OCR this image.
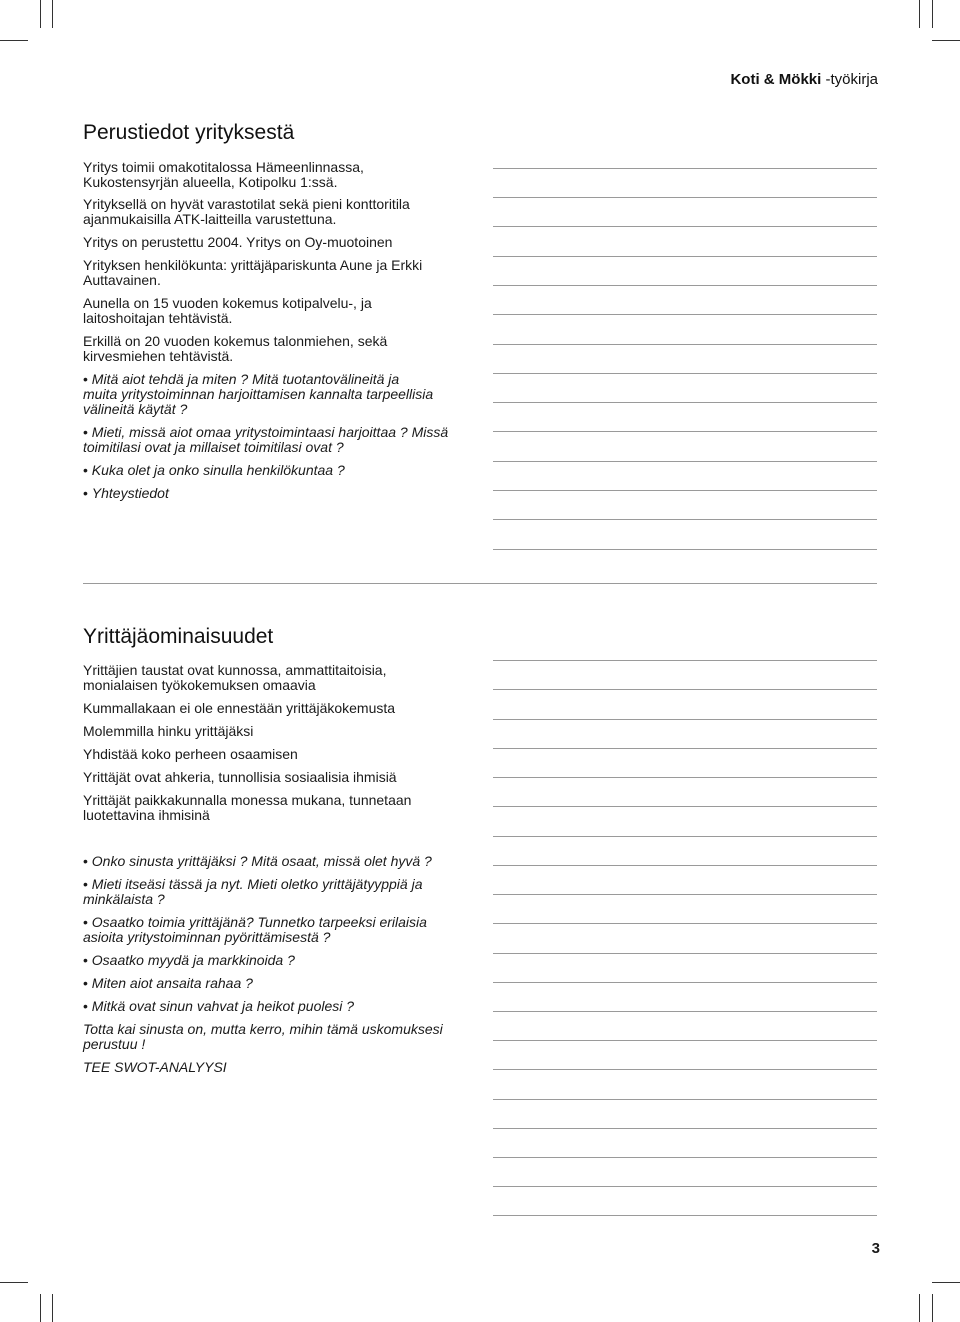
Koti & Mökki -työkirja
Perustiedot yrityksestä

Yritys toimii omakotitalossa Hämeenlinnassa,
Kukostensyrjän alueella, Kotipolku 1:ssä.

Yrityksellä on hyvät varastotilat sekä pieni konttoritila
ajanmukaisilla ATK-laitteilla varustettuna.

Yritys on perustettu 2004. Yritys on Oy-muotoinen

Yrityksen henkilökunta: yrittäjäpariskunta Aune ja Erkki
Auttavainen.

Aunella on 15 vuoden kokemus kotipalvelu-, ja
laitoshoitajan tehtävistä.

Erkillä on 20 vuoden kokemus talonmiehen, sekä
kirvesmiehen tehtävistä.

• Mitä aiot tehdä ja miten ? Mitä tuotantovälineitä ja
muita yritystoiminnan harjoittamisen kannalta tarpeellisia
välineitä käytät ?

• Mieti, missä aiot omaa yritystoimintaasi harjoittaa ? Missä
toimitilasi ovat ja millaiset toimitilasi ovat ?

• Kuka olet ja onko sinulla henkilökuntaa ?

• Yhteystiedot

Yrittäjäominaisuudet

Yrittäjien taustat ovat kunnossa, ammattitaitoisia,
monialaisen työkokemuksen omaavia

Kummallakaan ei ole ennestään yrittäjäkokemusta

Molemmilla hinku yrittäjäksi

Yhdistää koko perheen osaamisen

Yrittäjät ovat ahkeria, tunnollisia sosiaalisia ihmisiä

Yrittäjät paikkakunnalla monessa mukana, tunnetaan
luotettavina ihmisinä

• Onko sinusta yrittäjäksi ? Mitä osaat, missä olet hyvä ?

• Mieti itseäsi tässä ja nyt. Mieti oletko yrittäjätyyppiä ja
minkälaista ?

• Osaatko toimia yrittäjänä? Tunnetko tarpeeksi erilaisia
asioita yritystoiminnan pyörittämisestä ?

• Osaatko myydä ja markkinoida ?

• Miten aiot ansaita rahaa ?

• Mitkä ovat sinun vahvat ja heikot puolesi ?

Totta kai sinusta on, mutta kerro, mihin tämä uskomuksesi
perustuu !

TEE SWOT-ANALYYSI

3
